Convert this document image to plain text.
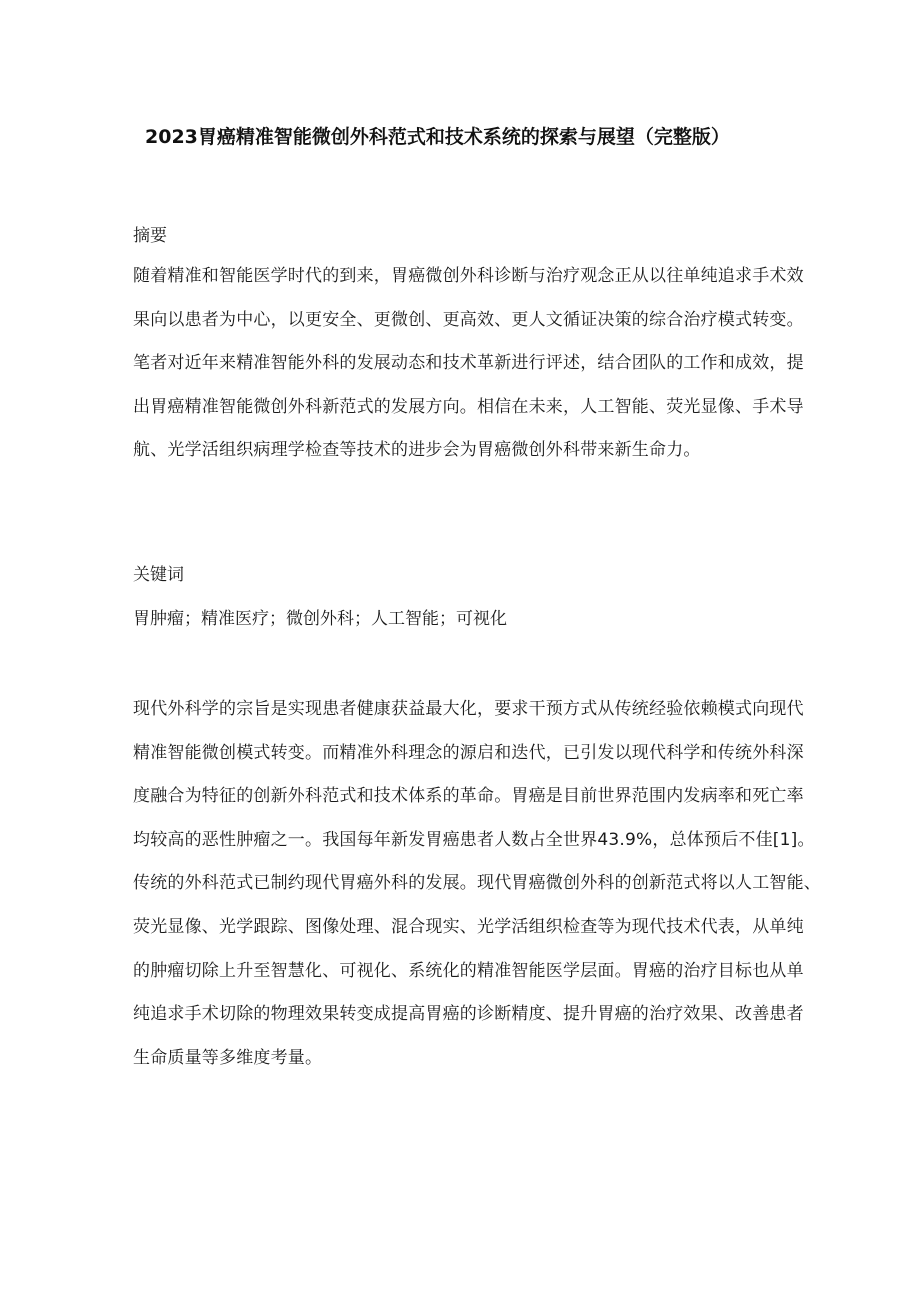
2023胃癌精准智能微创外科范式和技术系统的探索与展望（完整版）
摘要
随着精准和智能医学时代的到来，胃癌微创外科诊断与治疗观念正从以往单纯追求手术效
果向以患者为中心，以更安全、更微创、更高效、更人文循证决策的综合治疗模式转变。
笔者对近年来精准智能外科的发展动态和技术革新进行评述，结合团队的工作和成效，提
出胃癌精准智能微创外科新范式的发展方向。相信在未来，人工智能、荧光显像、手术导
航、光学活组织病理学检查等技术的进步会为胃癌微创外科带来新生命力。
关键词
胃肿瘤；精准医疗；微创外科；人工智能；可视化
现代外科学的宗旨是实现患者健康获益最大化，要求干预方式从传统经验依赖模式向现代
精准智能微创模式转变。而精准外科理念的源启和迭代，已引发以现代科学和传统外科深
度融合为特征的创新外科范式和技术体系的革命。胃癌是目前世界范围内发病率和死亡率
均较高的恶性肿瘤之一。我国每年新发胃癌患者人数占全世界43.9%，总体预后不佳[1]。
传统的外科范式已制约现代胃癌外科的发展。现代胃癌微创外科的创新范式将以人工智能、
荧光显像、光学跟踪、图像处理、混合现实、光学活组织检查等为现代技术代表，从单纯
的肿瘤切除上升至智慧化、可视化、系统化的精准智能医学层面。胃癌的治疗目标也从单
纯追求手术切除的物理效果转变成提高胃癌的诊断精度、提升胃癌的治疗效果、改善患者
生命质量等多维度考量。
